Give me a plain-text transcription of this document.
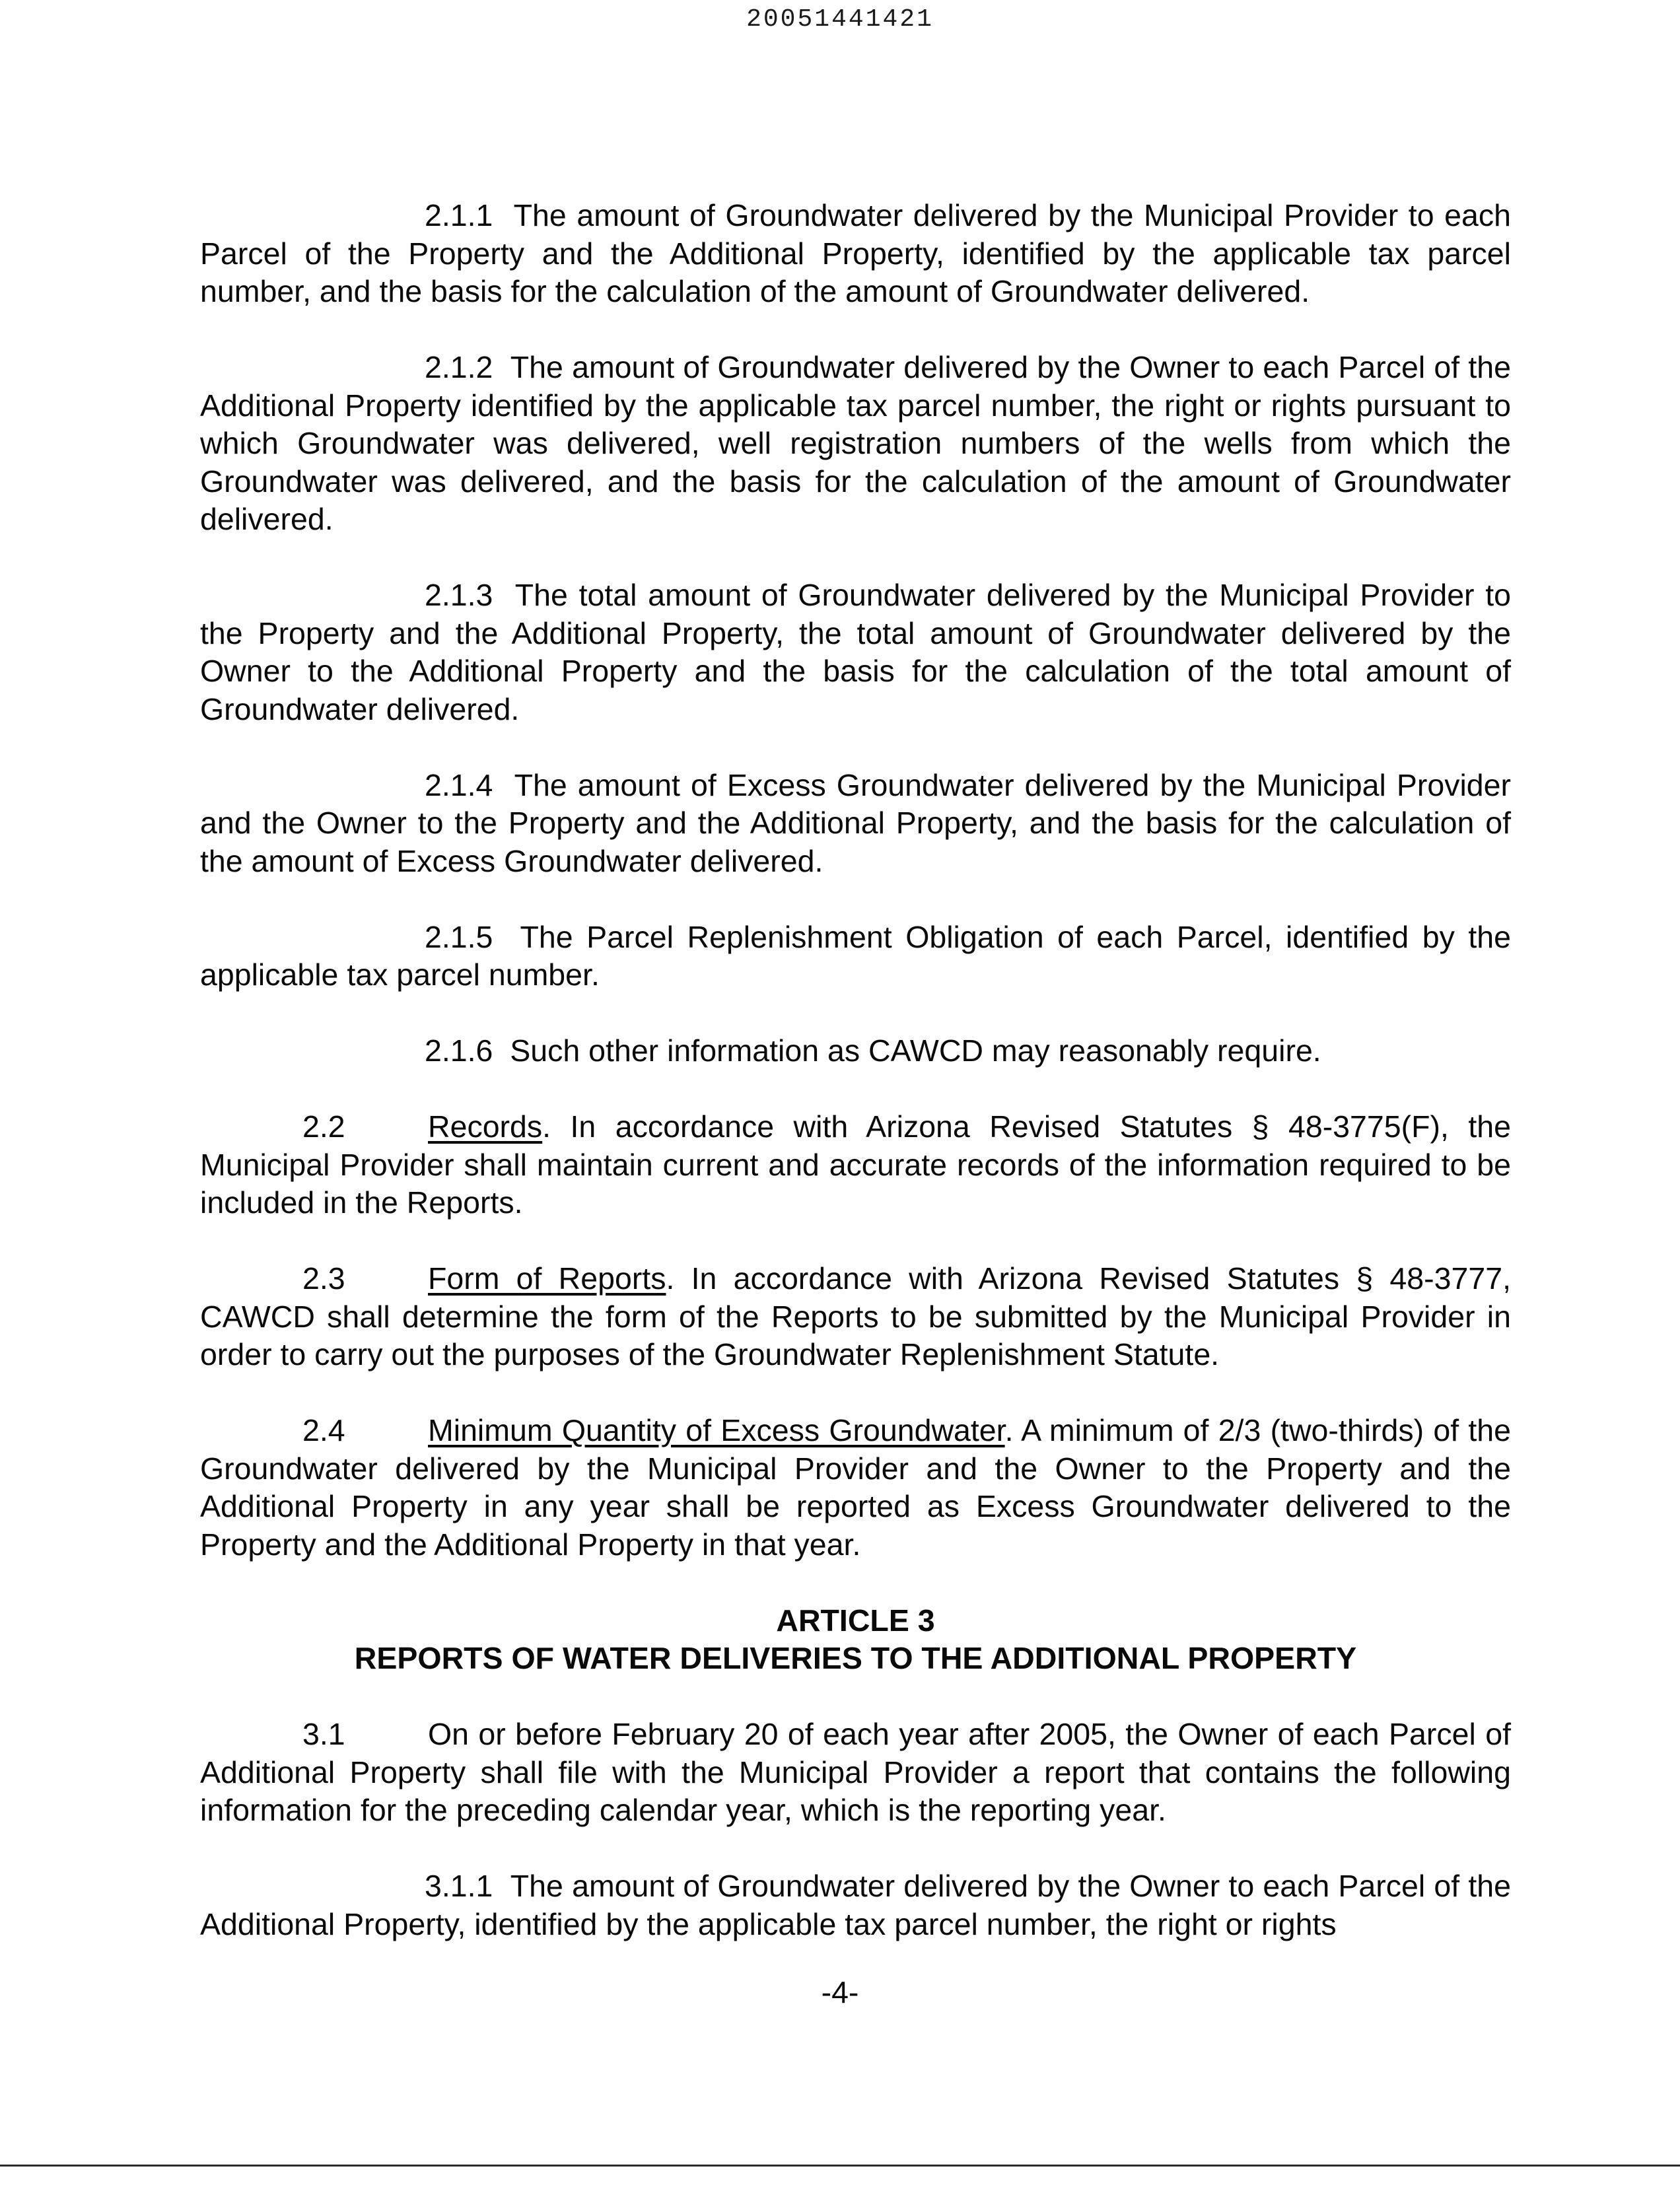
20051441421

2.1.1 The amount of Groundwater delivered by the Municipal Provider to each Parcel of the Property and the Additional Property, identified by the applicable tax parcel number, and the basis for the calculation of the amount of Groundwater delivered.

2.1.2 The amount of Groundwater delivered by the Owner to each Parcel of the Additional Property identified by the applicable tax parcel number, the right or rights pursuant to which Groundwater was delivered, well registration numbers of the wells from which the Groundwater was delivered, and the basis for the calculation of the amount of Groundwater delivered.

2.1.3 The total amount of Groundwater delivered by the Municipal Provider to the Property and the Additional Property, the total amount of Groundwater delivered by the Owner to the Additional Property and the basis for the calculation of the total amount of Groundwater delivered.

2.1.4 The amount of Excess Groundwater delivered by the Municipal Provider and the Owner to the Property and the Additional Property, and the basis for the calculation of the amount of Excess Groundwater delivered.

2.1.5 The Parcel Replenishment Obligation of each Parcel, identified by the applicable tax parcel number.

2.1.6 Such other information as CAWCD may reasonably require.

2.2	Records. In accordance with Arizona Revised Statutes § 48-3775(F), the Municipal Provider shall maintain current and accurate records of the information required to be included in the Reports.

2.3	Form of Reports. In accordance with Arizona Revised Statutes § 48-3777, CAWCD shall determine the form of the Reports to be submitted by the Municipal Provider in order to carry out the purposes of the Groundwater Replenishment Statute.

2.4	Minimum Quantity of Excess Groundwater. A minimum of 2/3 (two-thirds) of the Groundwater delivered by the Municipal Provider and the Owner to the Property and the Additional Property in any year shall be reported as Excess Groundwater delivered to the Property and the Additional Property in that year.

ARTICLE 3
REPORTS OF WATER DELIVERIES TO THE ADDITIONAL PROPERTY

3.1	On or before February 20 of each year after 2005, the Owner of each Parcel of Additional Property shall file with the Municipal Provider a report that contains the following information for the preceding calendar year, which is the reporting year.

3.1.1 The amount of Groundwater delivered by the Owner to each Parcel of the Additional Property, identified by the applicable tax parcel number, the right or rights

-4-
